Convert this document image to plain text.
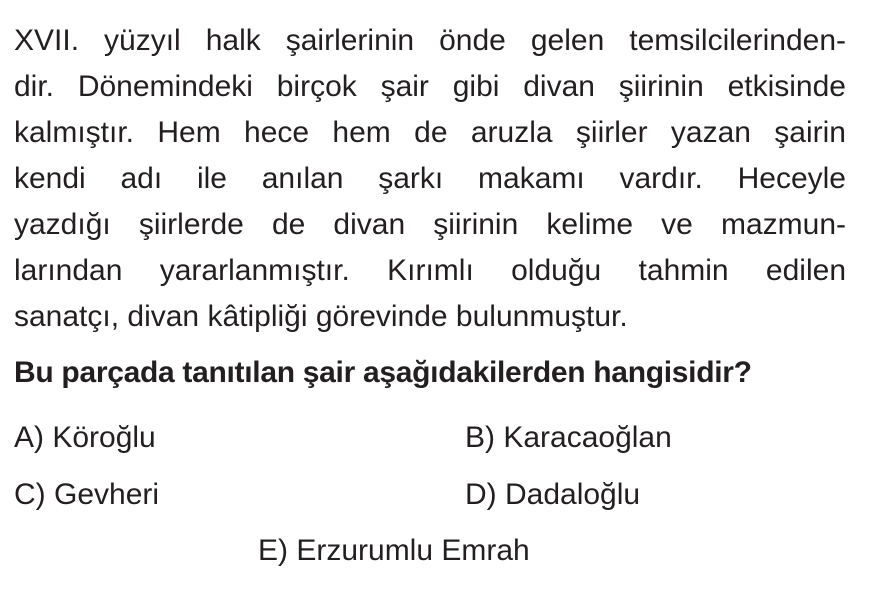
XVII. yüzyıl halk şairlerinin önde gelen temsilcilerinden-
dir. Dönemindeki birçok şair gibi divan şiirinin etkisinde
kalmıştır. Hem hece hem de aruzla şiirler yazan şairin
kendi adı ile anılan şarkı makamı vardır. Heceyle
yazdığı şiirlerde de divan şiirinin kelime ve mazmun-
larından yararlanmıştır. Kırımlı olduğu tahmin edilen
sanatçı, divan kâtipliği görevinde bulunmuştur.
Bu parçada tanıtılan şair aşağıdakilerden hangisidir?
A) Köroğlu	B) Karacaoğlan
C) Gevheri	D) Dadaloğlu
E) Erzurumlu Emrah
